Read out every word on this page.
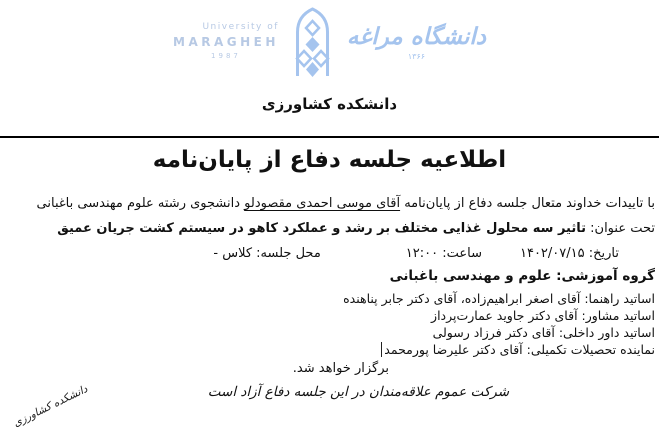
University of
MARAGHEH
1987
دانشگاه مراغه
۱۳۶۶
دانشکده کشاورزی
اطلاعیه جلسه دفاع از پایان‌نامه
با تاییدات خداوند متعال جلسه دفاع از پایان‌نامه آقای موسی احمدی مقصودلو دانشجوی رشته علوم مهندسی باغبانی
تحت عنوان: تاثیر سه محلول غذایی مختلف بر رشد و عملکرد کاهو در سیستم کشت جریان عمیق
تاریخ: ۱۴۰۲/۰۷/۱۵ساعت: ۱۲:۰۰محل جلسه: کلاس -
گروه آموزشی: علوم و مهندسی باغبانی
اساتید راهنما: آقای اصغر ابراهیم‌زاده، آقای دکتر جابر پناهنده
اساتید مشاور: آقای دکتر جاوید عمارت‌پرداز
اساتید داور داخلی: آقای دکتر فرزاد رسولی
نماینده تحصیلات تکمیلی: آقای دکتر علیرضا پورمحمد
برگزار خواهد شد.
شرکت عموم علاقه‌مندان در این جلسه دفاع آزاد است
دانشکده کشاورزی
